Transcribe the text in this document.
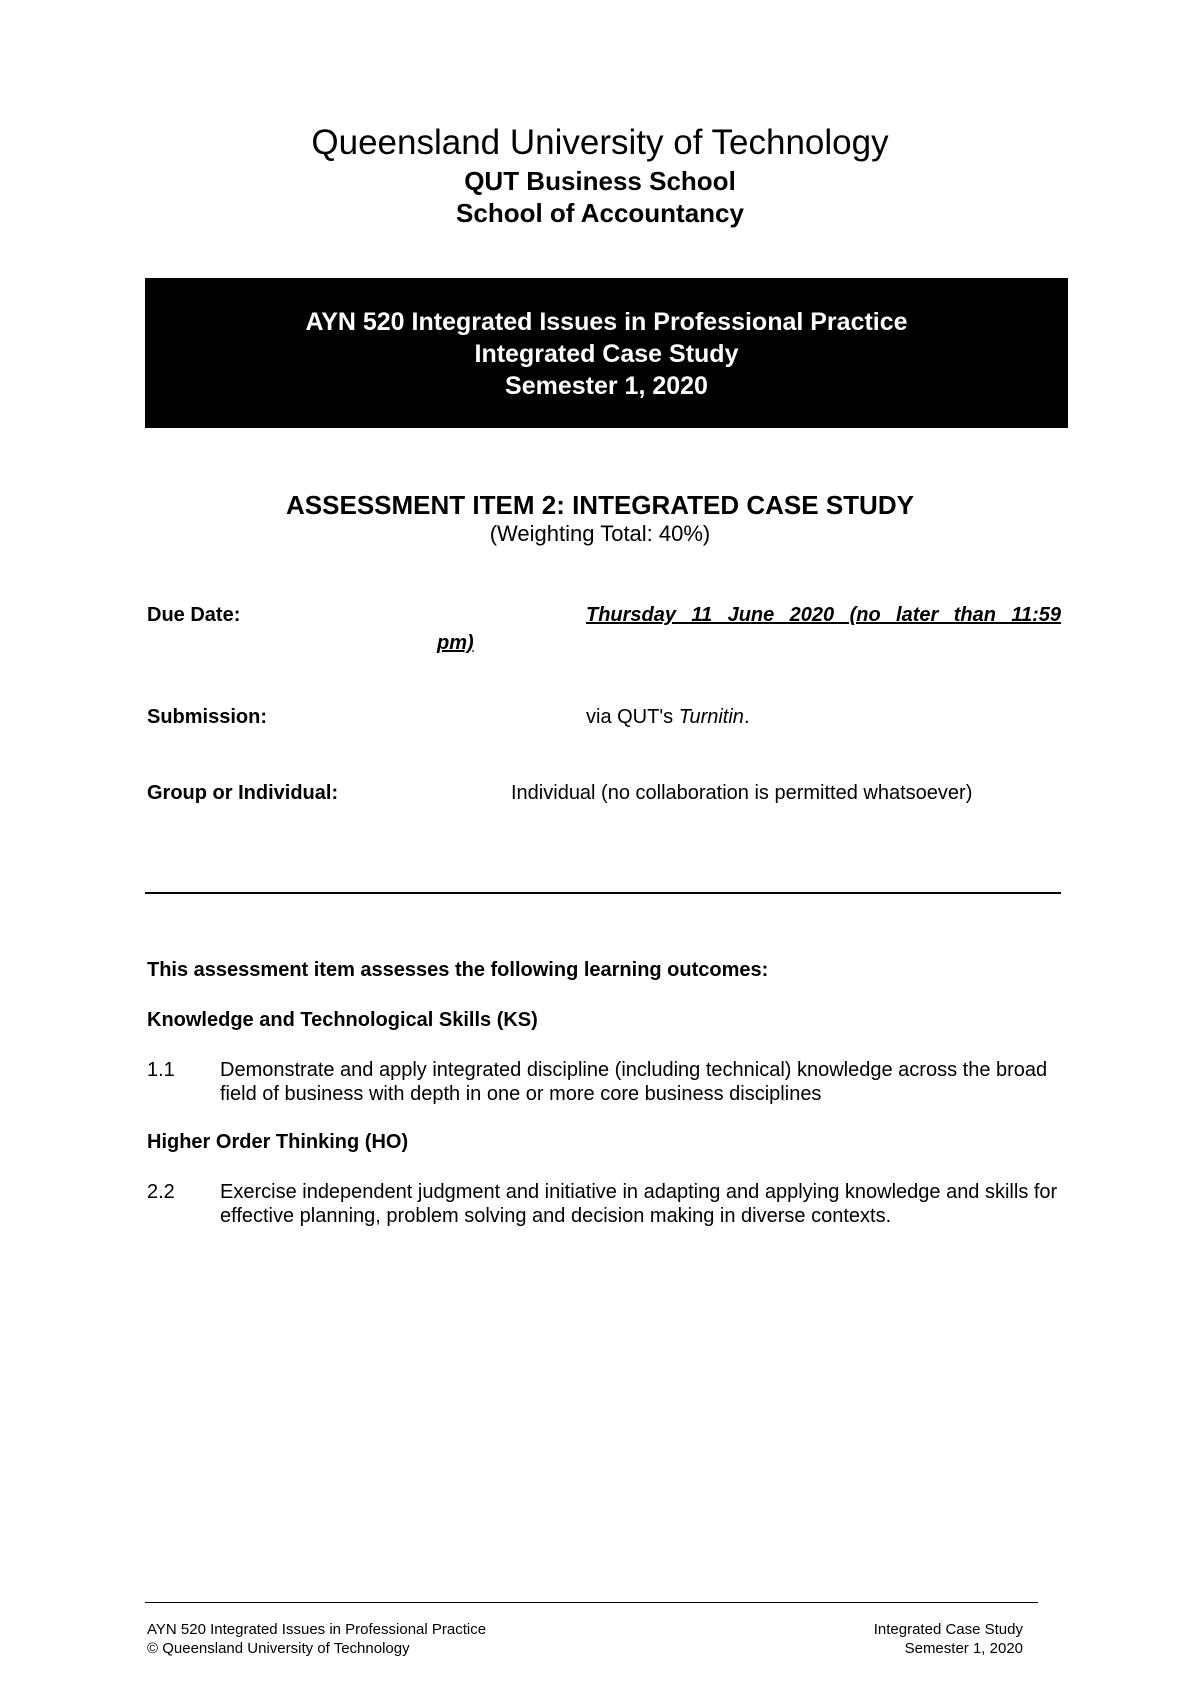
Queensland University of Technology
QUT Business School
School of Accountancy
AYN 520 Integrated Issues in Professional Practice
Integrated Case Study
Semester 1, 2020
ASSESSMENT ITEM 2: INTEGRATED CASE STUDY
(Weighting Total: 40%)
Due Date:	Thursday 11 June 2020 (no later than 11:59
pm)
Submission:	via QUT's Turnitin.
Group or Individual:	Individual (no collaboration is permitted whatsoever)
This assessment item assesses the following learning outcomes:
Knowledge and Technological Skills (KS)
1.1 Demonstrate and apply integrated discipline (including technical) knowledge across the broad field of business with depth in one or more core business disciplines
Higher Order Thinking (HO)
2.2 Exercise independent judgment and initiative in adapting and applying knowledge and skills for effective planning, problem solving and decision making in diverse contexts.
AYN 520 Integrated Issues in Professional Practice
© Queensland University of Technology
Integrated Case Study
Semester 1, 2020
